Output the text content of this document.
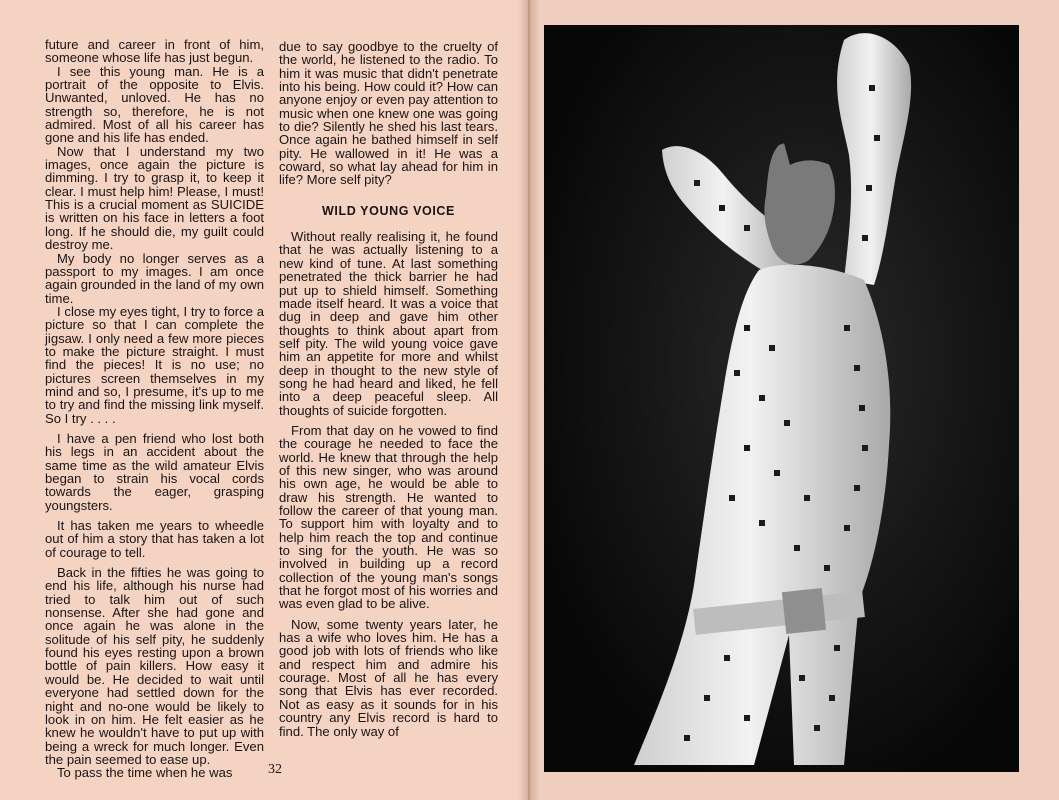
future and career in front of him, someone whose life has just begun.

I see this young man. He is a portrait of the opposite to Elvis. Unwanted, unloved. He has no strength so, therefore, he is not admired. Most of all his career has gone and his life has ended.

Now that I understand my two images, once again the picture is dimming. I try to grasp it, to keep it clear. I must help him! Please, I must! This is a crucial moment as SUICIDE is written on his face in letters a foot long. If he should die, my guilt could destroy me.

My body no longer serves as a passport to my images. I am once again grounded in the land of my own time.

I close my eyes tight, I try to force a picture so that I can complete the jigsaw. I only need a few more pieces to make the picture straight. I must find the pieces! It is no use; no pictures screen themselves in my mind and so, I presume, it's up to me to try and find the missing link myself. So I try . . . .

I have a pen friend who lost both his legs in an accident about the same time as the wild amateur Elvis began to strain his vocal cords towards the eager, grasping youngsters.

It has taken me years to wheedle out of him a story that has taken a lot of courage to tell.

Back in the fifties he was going to end his life, although his nurse had tried to talk him out of such nonsense. After she had gone and once again he was alone in the solitude of his self pity, he suddenly found his eyes resting upon a brown bottle of pain killers. How easy it would be. He decided to wait until everyone had settled down for the night and no-one would be likely to look in on him. He felt easier as he knew he wouldn't have to put up with being a wreck for much longer. Even the pain seemed to ease up.

To pass the time when he was

due to say goodbye to the cruelty of the world, he listened to the radio. To him it was music that didn't penetrate into his being. How could it? How can anyone enjoy or even pay attention to music when one knew one was going to die? Silently he shed his last tears. Once again he bathed himself in self pity. He wallowed in it! He was a coward, so what lay ahead for him in life? More self pity?

WILD YOUNG VOICE

Without really realising it, he found that he was actually listening to a new kind of tune. At last something penetrated the thick barrier he had put up to shield himself. Something made itself heard. It was a voice that dug in deep and gave him other thoughts to think about apart from self pity. The wild young voice gave him an appetite for more and whilst deep in thought to the new style of song he had heard and liked, he fell into a deep peaceful sleep. All thoughts of suicide forgotten.

From that day on he vowed to find the courage he needed to face the world. He knew that through the help of this new singer, who was around his own age, he would be able to draw his strength. He wanted to follow the career of that young man. To support him with loyalty and to help him reach the top and continue to sing for the youth. He was so involved in building up a record collection of the young man's songs that he forgot most of his worries and was even glad to be alive.

Now, some twenty years later, he has a wife who loves him. He has a good job with lots of friends who like and respect him and admire his courage. Most of all he has every song that Elvis has ever recorded. Not as easy as it sounds for in his country any Elvis record is hard to find. The only way of

32
